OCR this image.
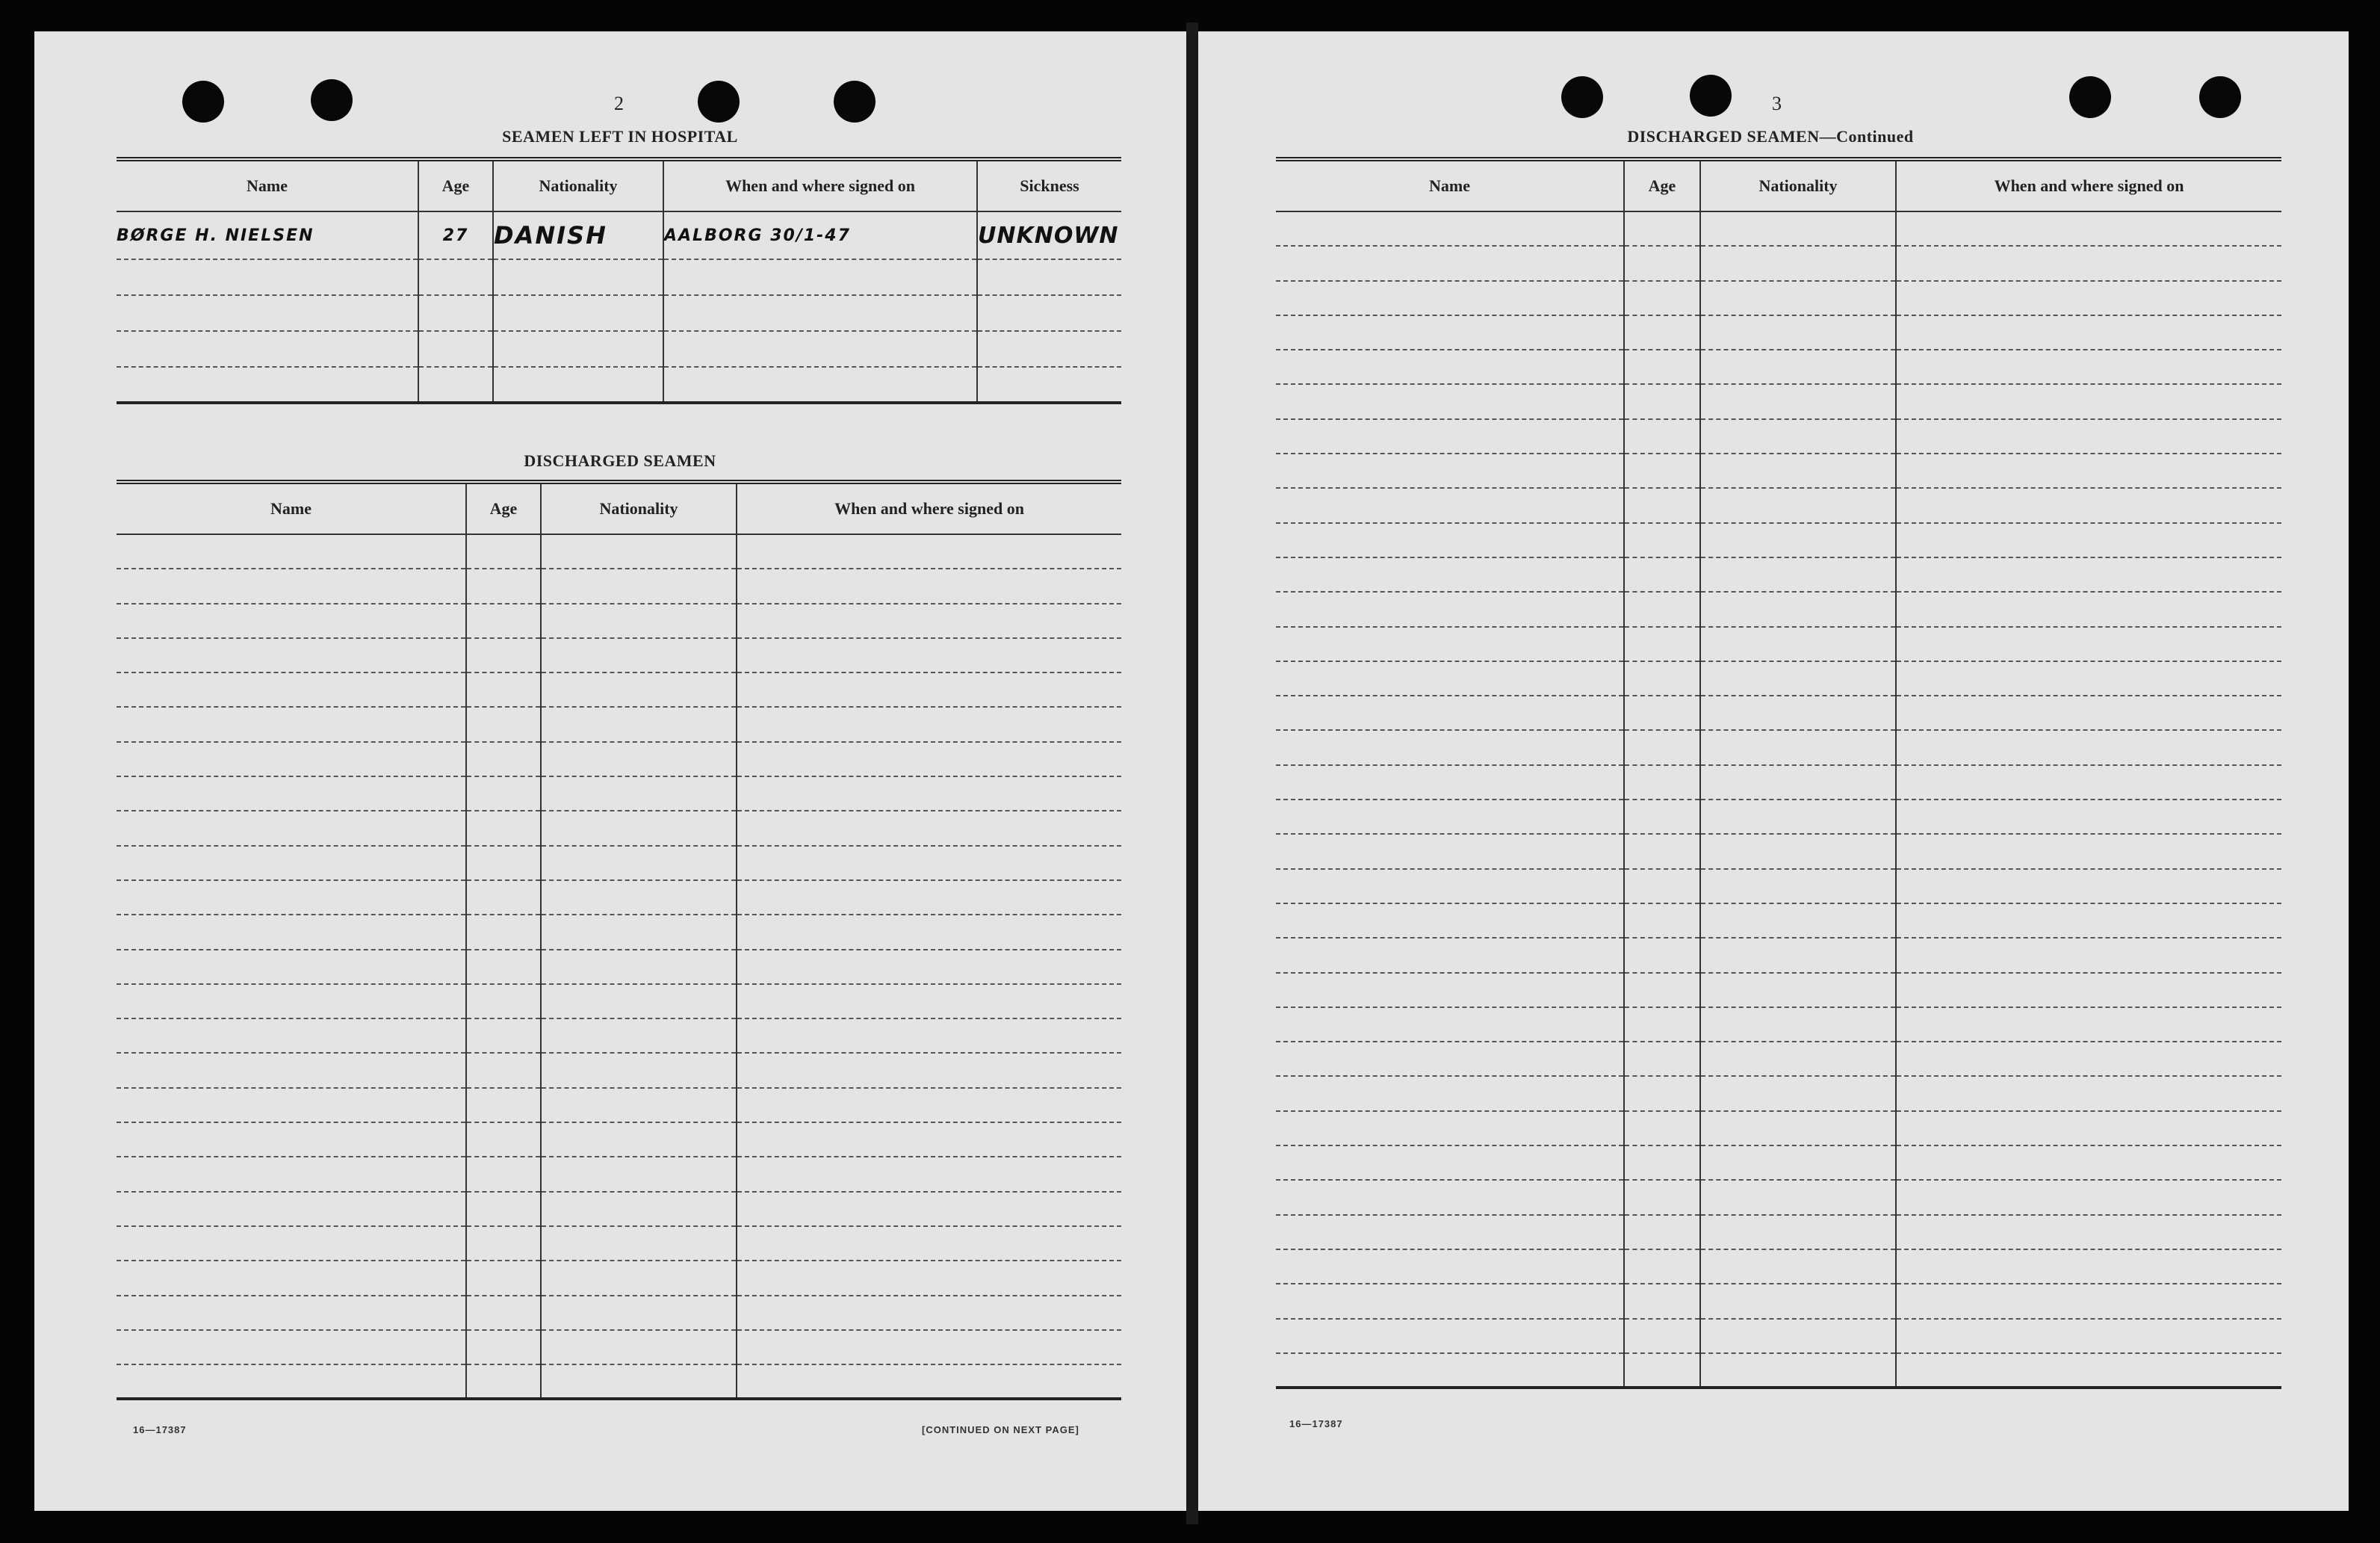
2
SEAMEN LEFT IN HOSPITAL
Name	Age	Nationality	When and where signed on	Sickness
BØRGE H. NIELSEN	27	DANISH	AALBORG 30/1-47	UNKNOWN

DISCHARGED SEAMEN
Name	Age	Nationality	When and where signed on

16—17387	[CONTINUED ON NEXT PAGE]
3
DISCHARGED SEAMEN—Continued
Name	Age	Nationality	When and where signed on

16—17387
